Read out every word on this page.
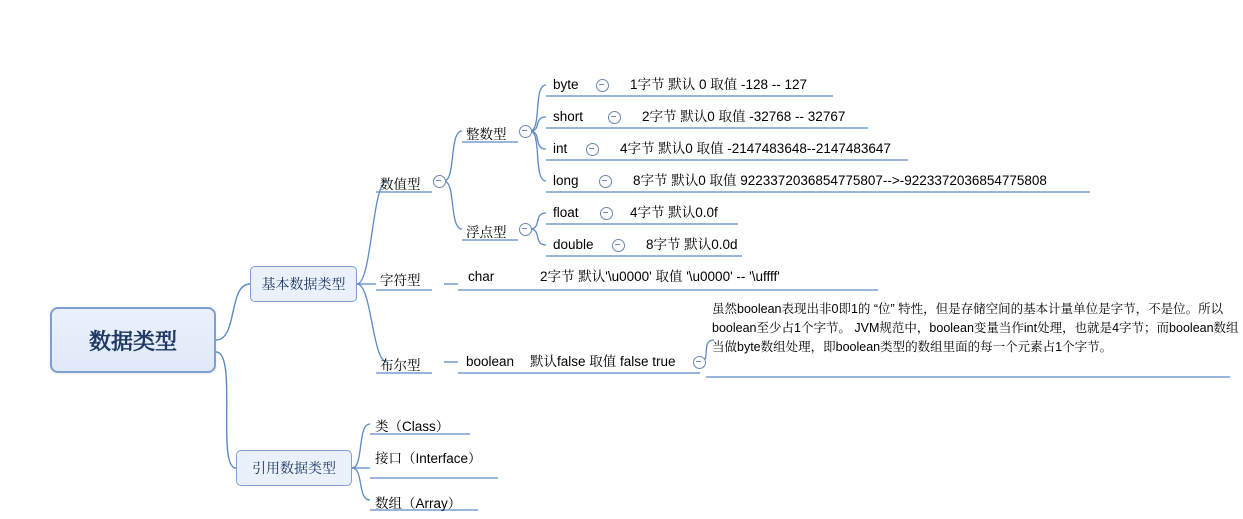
数据类型
基本数据类型
引用数据类型
数值型
整数型
浮点型
byte	1字节 默认 0 取值 -128 -- 127
short	2字节 默认0 取值 -32768 -- 32767
int	4字节 默认0 取值 -2147483648--2147483647
long	8字节 默认0 取值 9223372036854775807-->-9223372036854775808
float	4字节 默认0.0f
double	8字节 默认0.0d
字符型	char	2字节 默认'\u0000' 取值 '\u0000' -- '\uffff'
布尔型	boolean 默认false 取值 false true
虽然boolean表现出非0即1的 “位” 特性，但是存储空间的基本计量单位是字节，不是位。所以boolean至少占1个字节。 JVM规范中，boolean变量当作int处理，也就是4字节；而boolean数组当做byte数组处理，即boolean类型的数组里面的每一个元素占1个字节。
类（Class）
接口（Interface）
数组（Array）
